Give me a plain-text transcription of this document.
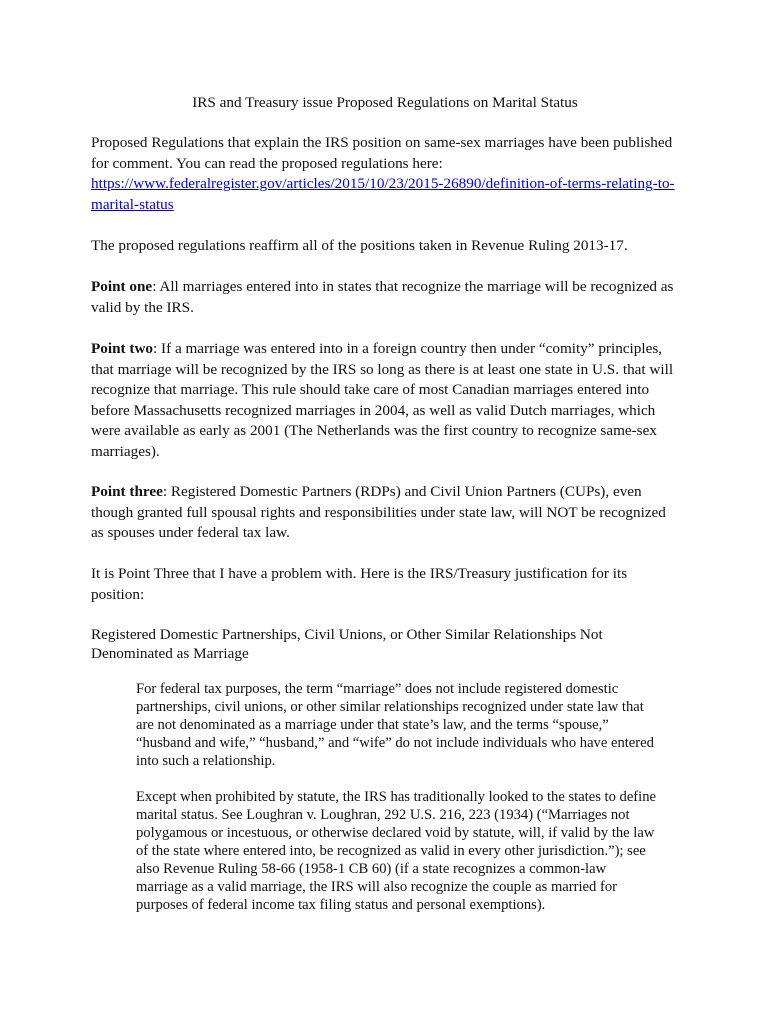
IRS and Treasury issue Proposed Regulations on Marital Status

Proposed Regulations that explain the IRS position on same-sex marriages have been published
for comment. You can read the proposed regulations here:
https://www.federalregister.gov/articles/2015/10/23/2015-26890/definition-of-terms-relating-to-
marital-status

The proposed regulations reaffirm all of the positions taken in Revenue Ruling 2013-17.

Point one: All marriages entered into in states that recognize the marriage will be recognized as
valid by the IRS.

Point two: If a marriage was entered into in a foreign country then under “comity” principles,
that marriage will be recognized by the IRS so long as there is at least one state in U.S. that will
recognize that marriage. This rule should take care of most Canadian marriages entered into
before Massachusetts recognized marriages in 2004, as well as valid Dutch marriages, which
were available as early as 2001 (The Netherlands was the first country to recognize same-sex
marriages).

Point three: Registered Domestic Partners (RDPs) and Civil Union Partners (CUPs), even
though granted full spousal rights and responsibilities under state law, will NOT be recognized
as spouses under federal tax law.

It is Point Three that I have a problem with. Here is the IRS/Treasury justification for its
position:

Registered Domestic Partnerships, Civil Unions, or Other Similar Relationships Not
Denominated as Marriage

For federal tax purposes, the term “marriage” does not include registered domestic
partnerships, civil unions, or other similar relationships recognized under state law that
are not denominated as a marriage under that state’s law, and the terms “spouse,”
“husband and wife,” “husband,” and “wife” do not include individuals who have entered
into such a relationship.

Except when prohibited by statute, the IRS has traditionally looked to the states to define
marital status. See Loughran v. Loughran, 292 U.S. 216, 223 (1934) (“Marriages not
polygamous or incestuous, or otherwise declared void by statute, will, if valid by the law
of the state where entered into, be recognized as valid in every other jurisdiction.”); see
also Revenue Ruling 58-66 (1958-1 CB 60) (if a state recognizes a common-law
marriage as a valid marriage, the IRS will also recognize the couple as married for
purposes of federal income tax filing status and personal exemptions).
